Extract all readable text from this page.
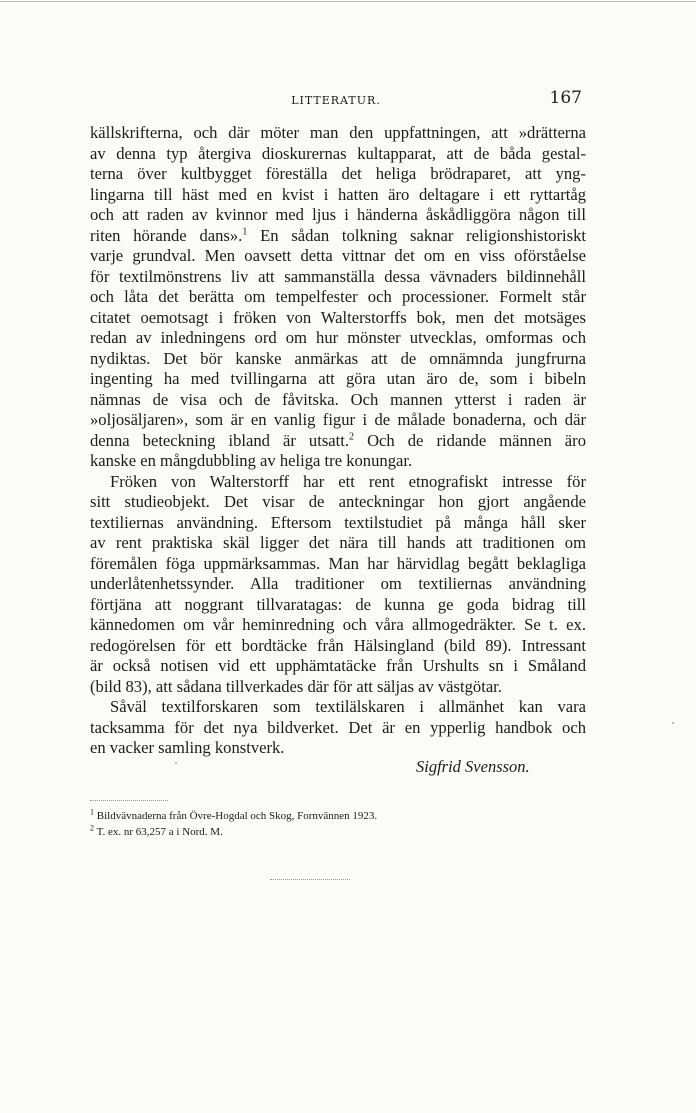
LITTERATUR.	167
källskrifterna, och där möter man den uppfattningen, att »drätterna
av denna typ återgiva dioskurernas kultapparat, att de båda gestal-
terna över kultbygget föreställa det heliga brödraparet, att yng-
lingarna till häst med en kvist i hatten äro deltagare i ett ryttartåg
och att raden av kvinnor med ljus i händerna åskådliggöra någon till
riten hörande dans».$^1$ En sådan tolkning saknar religionshistoriskt
varje grundval. Men oavsett detta vittnar det om en viss oförståelse
för textilmönstrens liv att sammanställa dessa vävnaders bildinnehåll
och låta det berätta om tempelfester och processioner. Formelt står
citatet oemotsagt i fröken von Walterstorffs bok, men det motsäges
redan av inledningens ord om hur mönster utvecklas, omformas och
nydiktas. Det bör kanske anmärkas att de omnämnda jungfrurna
ingenting ha med tvillingarna att göra utan äro de, som i bibeln
nämnas de visa och de fåvitska. Och mannen ytterst i raden är
»oljosäljaren», som är en vanlig figur i de målade bonaderna, och där
denna beteckning ibland är utsatt.$^2$ Och de ridande männen äro
kanske en mångdubbling av heliga tre konungar.
Fröken von Walterstorff har ett rent etnografiskt intresse för
sitt studieobjekt. Det visar de anteckningar hon gjort angående
textiliernas användning. Eftersom textilstudiet på många håll sker
av rent praktiska skäl ligger det nära till hands att traditionen om
föremålen föga uppmärksammas. Man har härvidlag begått beklagliga
underlåtenhetssynder. Alla traditioner om textiliernas användning
förtjäna att noggrant tillvaratagas: de kunna ge goda bidrag till
kännedomen om vår heminredning och våra allmogedräkter. Se t. ex.
redogörelsen för ett bordtäcke från Hälsingland (bild 89). Intressant
är också notisen vid ett upphämtatäcke från Urshults sn i Småland
(bild 83), att sådana tillverkades där för att säljas av västgötar.
Såväl textilforskaren som textilälskaren i allmänhet kan vara
tacksamma för det nya bildverket. Det är en ypperlig handbok och
en vacker samling konstverk.
Sigfrid Svensson.
$^1$ Bildvävnaderna från Övre-Hogdal och Skog, Fornvännen 1923.
$^2$ T. ex. nr 63,257 a i Nord. M.
